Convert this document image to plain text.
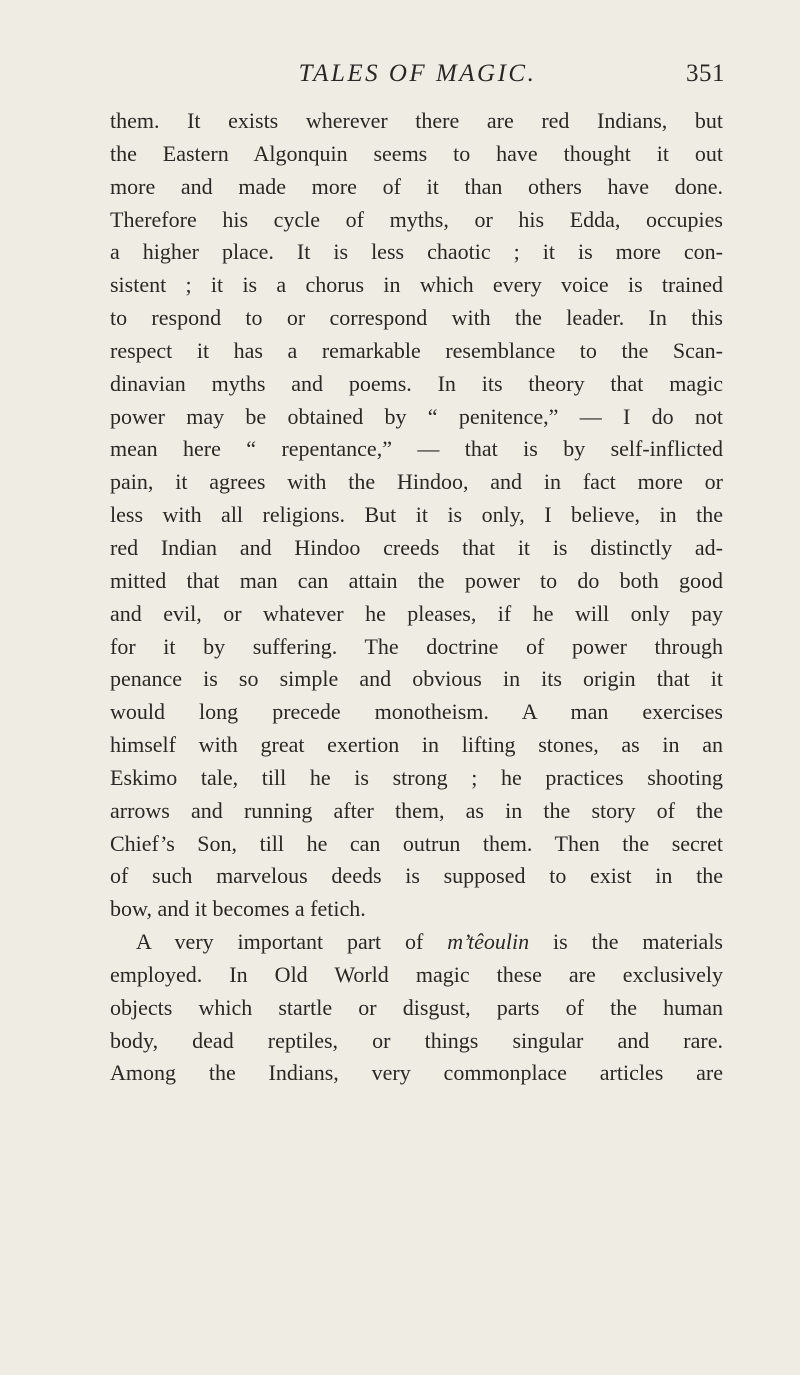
TALES OF MAGIC.	351
them. It exists wherever there are red Indians, but
the Eastern Algonquin seems to have thought it out
more and made more of it than others have done.
Therefore his cycle of myths, or his Edda, occupies
a higher place. It is less chaotic ; it is more con-
sistent ; it is a chorus in which every voice is trained
to respond to or correspond with the leader. In this
respect it has a remarkable resemblance to the Scan-
dinavian myths and poems. In its theory that magic
power may be obtained by “ penitence,” — I do not
mean here “ repentance,” — that is by self-inflicted
pain, it agrees with the Hindoo, and in fact more or
less with all religions. But it is only, I believe, in the
red Indian and Hindoo creeds that it is distinctly ad-
mitted that man can attain the power to do both good
and evil, or whatever he pleases, if he will only pay
for it by suffering. The doctrine of power through
penance is so simple and obvious in its origin that it
would long precede monotheism. A man exercises
himself with great exertion in lifting stones, as in an
Eskimo tale, till he is strong ; he practices shooting
arrows and running after them, as in the story of the
Chief’s Son, till he can outrun them. Then the secret
of such marvelous deeds is supposed to exist in the
bow, and it becomes a fetich.
A very important part of m’têoulin is the materials
employed. In Old World magic these are exclusively
objects which startle or disgust, parts of the human
body, dead reptiles, or things singular and rare.
Among the Indians, very commonplace articles are
